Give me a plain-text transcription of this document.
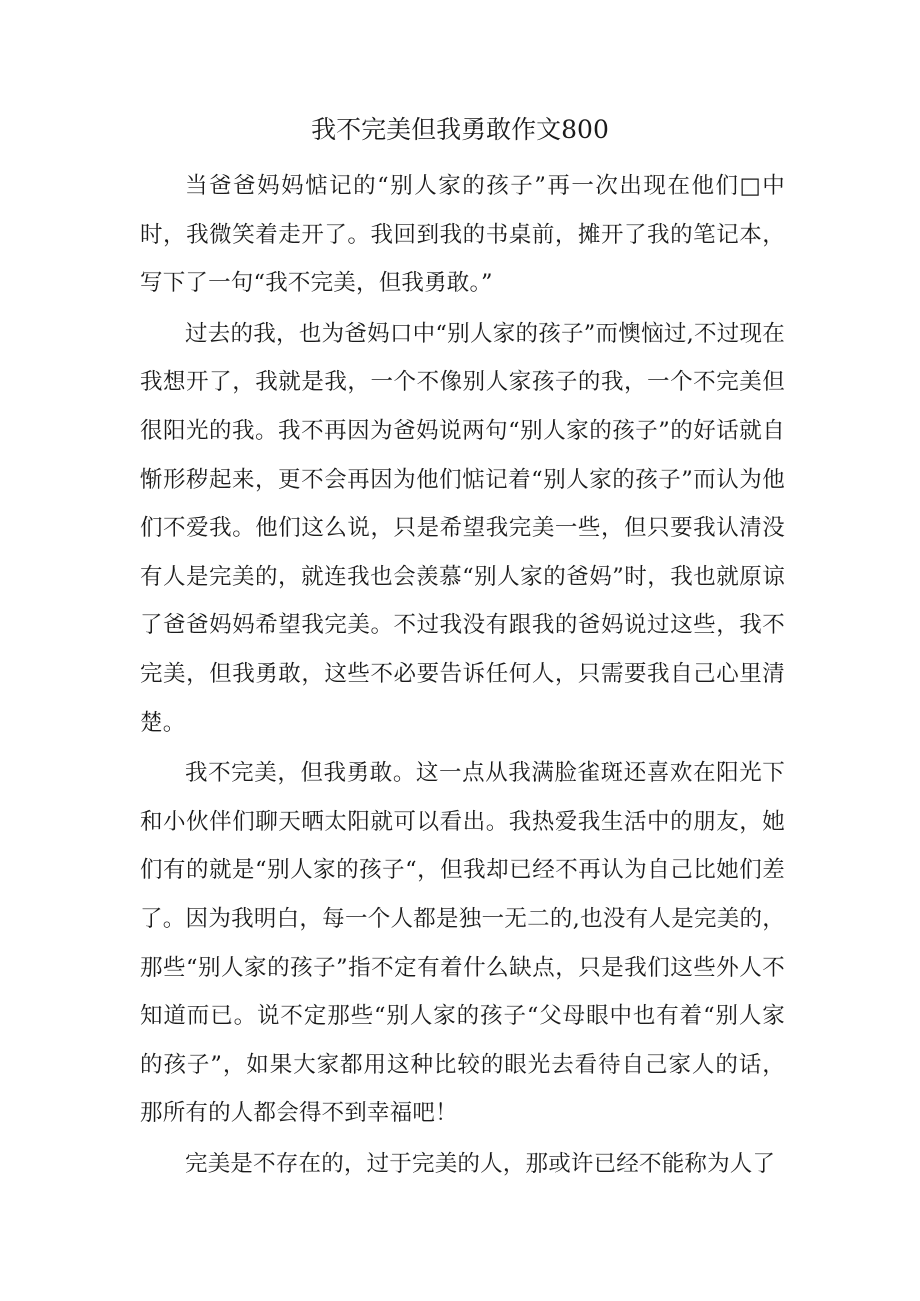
我不完美但我勇敢作文800

当爸爸妈妈惦记的“别人家的孩子”再一次出现在他们□中时，我微笑着走开了。我回到我的书桌前，摊开了我的笔记本，写下了一句“我不完美，但我勇敢。”

过去的我，也为爸妈口中“别人家的孩子”而懊恼过,不过现在我想开了，我就是我，一个不像别人家孩子的我，一个不完美但很阳光的我。我不再因为爸妈说两句“别人家的孩子”的好话就自惭形秽起来，更不会再因为他们惦记着“别人家的孩子”而认为他们不爱我。他们这么说，只是希望我完美一些，但只要我认清没有人是完美的，就连我也会羡慕“别人家的爸妈”时，我也就原谅了爸爸妈妈希望我完美。不过我没有跟我的爸妈说过这些，我不完美，但我勇敢，这些不必要告诉任何人，只需要我自己心里清楚。

我不完美，但我勇敢。这一点从我满脸雀斑还喜欢在阳光下和小伙伴们聊天晒太阳就可以看出。我热爱我生活中的朋友，她们有的就是“别人家的孩子“，但我却已经不再认为自己比她们差了。因为我明白，每一个人都是独一无二的,也没有人是完美的，那些“别人家的孩子”指不定有着什么缺点，只是我们这些外人不知道而已。说不定那些“别人家的孩子“父母眼中也有着“别人家的孩子”，如果大家都用这种比较的眼光去看待自己家人的话，那所有的人都会得不到幸福吧！

完美是不存在的，过于完美的人，那或许已经不能称为人了
